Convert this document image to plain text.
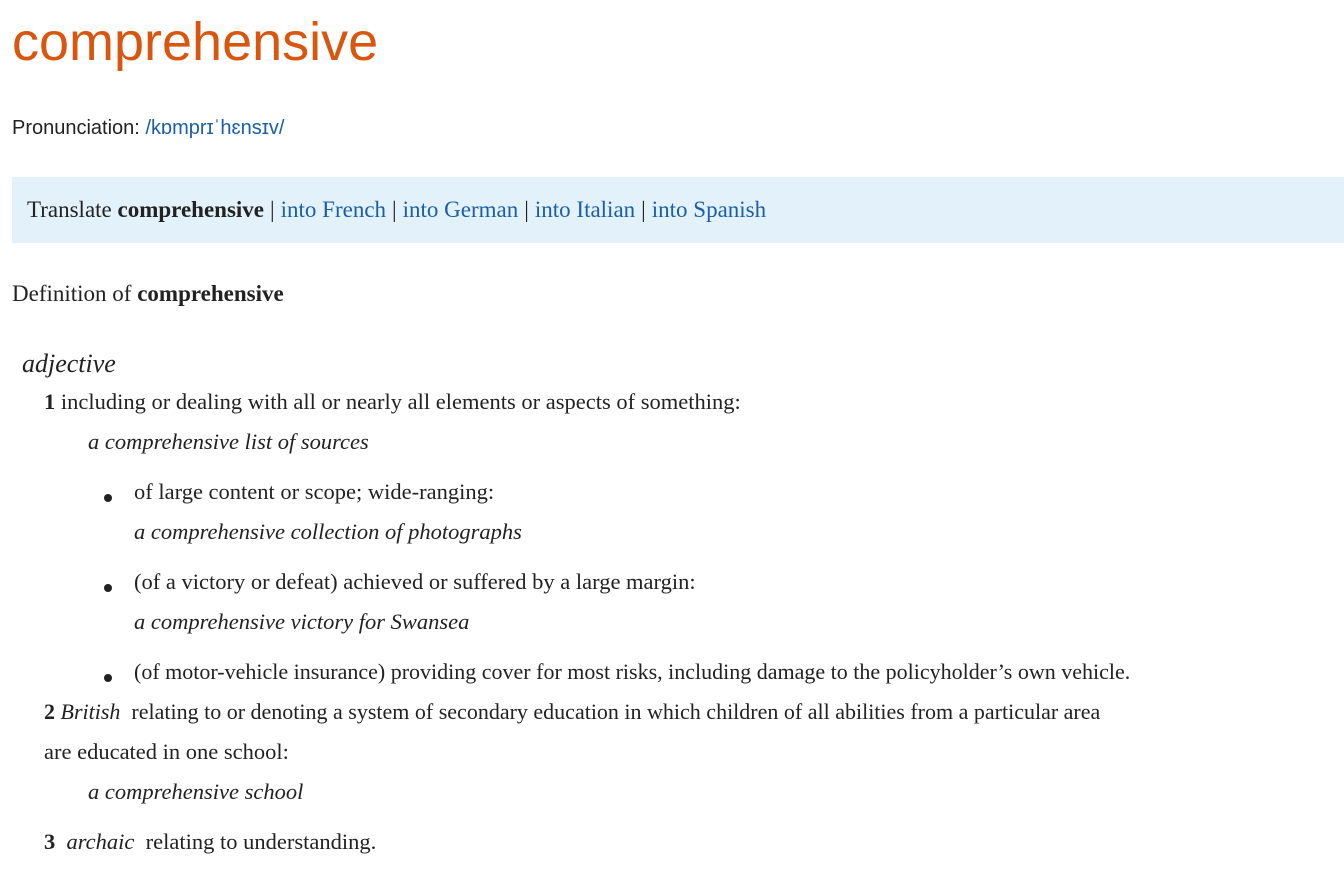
comprehensive
Pronunciation: /kɒmprɪˈhɛnsɪv/
Translate comprehensive | into French | into German | into Italian | into Spanish
Definition of comprehensive
adjective
1 including or dealing with all or nearly all elements or aspects of something:
a comprehensive list of sources
of large content or scope; wide-ranging:
a comprehensive collection of photographs
(of a victory or defeat) achieved or suffered by a large margin:
a comprehensive victory for Swansea
(of motor-vehicle insurance) providing cover for most risks, including damage to the policyholder’s own vehicle.
2 British relating to or denoting a system of secondary education in which children of all abilities from a particular area
are educated in one school:
a comprehensive school
3 archaic relating to understanding.
